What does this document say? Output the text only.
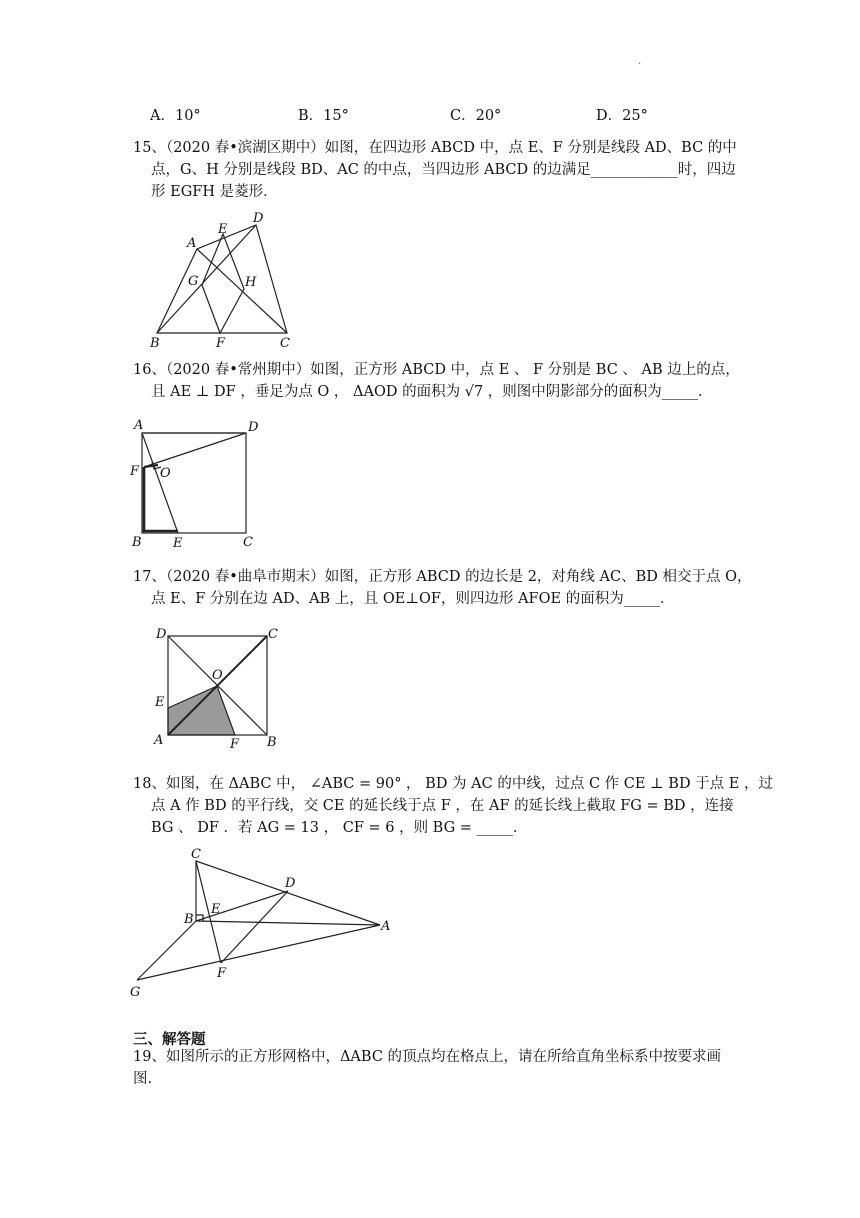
.
A．10°	B．15°	C．20°	D．25°
15、（2020 春•滨湖区期中）如图，在四边形 ABCD 中，点 E、F 分别是线段 AD、BC 的中
点，G、H 分别是线段 BD、AC 的中点，当四边形 ABCD 的边满足____________时，四边
形 EGFH 是菱形．
A
B	C
D
E
F
G	H
16、（2020 春•常州期中）如图，正方形 ABCD 中，点 E 、 F 分别是 BC 、 AB 边上的点，
且 AE ⊥ DF ，垂足为点 O ， ΔAOD 的面积为 √7 ，则图中阴影部分的面积为_____．
A
B	C
D
E
F O
17、（2020 春•曲阜市期末）如图，正方形 ABCD 的边长是 2，对角线 AC、BD 相交于点 O，
点 E、F 分别在边 AD、AB 上，且 OE⊥OF，则四边形 AFOE 的面积为_____．
D	C
A	B
E
F
O
18、如图，在 ΔABC 中， ∠ABC = 90° ， BD 为 AC 的中线，过点 C 作 CE ⊥ BD 于点 E ，过
点 A 作 BD 的平行线，交 CE 的延长线于点 F ，在 AF 的延长线上截取 FG = BD ，连接
BG 、 DF ．若 AG = 13 ， CF = 6 ，则 BG = _____．
C
B	A
D
E
F
G
三、解答题
19、如图所示的正方形网格中，ΔABC 的顶点均在格点上，请在所给直角坐标系中按要求画
图.
